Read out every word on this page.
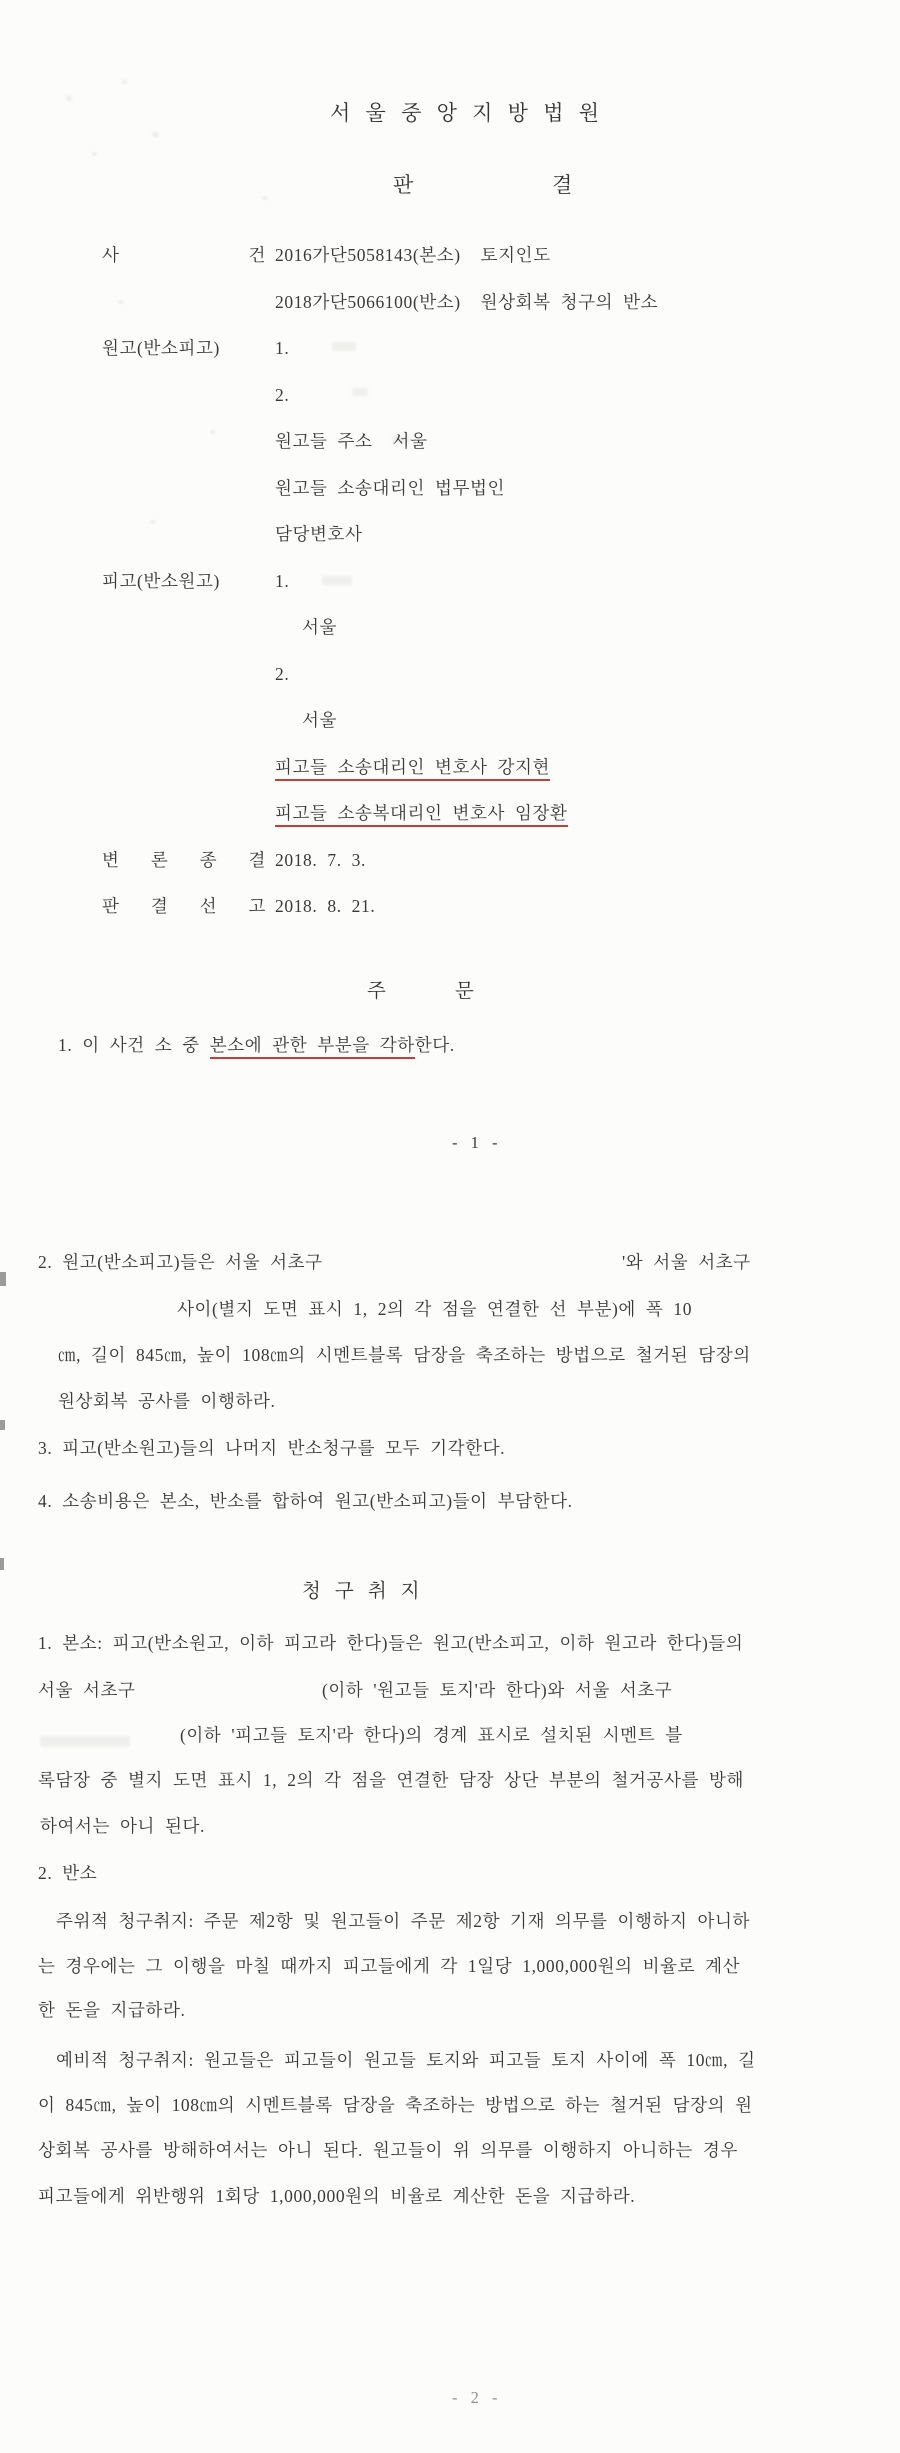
서 울 중 앙 지 방 법 원
판	결
사 건 2016가단5058143(본소)  토지인도
2018가단5066100(반소)  원상회복 청구의 반소
원고(반소피고)	1.
2.
원고들 주소  서울
원고들 소송대리인 법무법인
담당변호사
피고(반소원고)	1.
서울
2.
서울
피고들 소송대리인 변호사 강지현
피고들 소송복대리인 변호사 임장환
변 론 종 결 2018. 7. 3.
판 결 선 고 2018. 8. 21.
주	문
1. 이 사건 소 중 본소에 관한 부분을 각하한다.
- 1 -
2. 원고(반소피고)들은 서울 서초구	'와 서울 서초구
사이(별지 도면 표시 1, 2의 각 점을 연결한 선 부분)에 폭 10
㎝, 길이 845㎝, 높이 108㎝의 시멘트블록 담장을 축조하는 방법으로 철거된 담장의
원상회복 공사를 이행하라.
3. 피고(반소원고)들의 나머지 반소청구를 모두 기각한다.
4. 소송비용은 본소, 반소를 합하여 원고(반소피고)들이 부담한다.
청 구 취 지
1. 본소: 피고(반소원고, 이하 피고라 한다)들은 원고(반소피고, 이하 원고라 한다)들의
서울 서초구	(이하 '원고들 토지'라 한다)와 서울 서초구
(이하 '피고들 토지'라 한다)의 경계 표시로 설치된 시멘트 블
록담장 중 별지 도면 표시 1, 2의 각 점을 연결한 담장 상단 부분의 철거공사를 방해
하여서는 아니 된다.
2. 반소
주위적 청구취지: 주문 제2항 및 원고들이 주문 제2항 기재 의무를 이행하지 아니하
는 경우에는 그 이행을 마칠 때까지 피고들에게 각 1일당 1,000,000원의 비율로 계산
한 돈을 지급하라.
예비적 청구취지: 원고들은 피고들이 원고들 토지와 피고들 토지 사이에 폭 10㎝, 길
이 845㎝, 높이 108㎝의 시멘트블록 담장을 축조하는 방법으로 하는 철거된 담장의 원
상회복 공사를 방해하여서는 아니 된다. 원고들이 위 의무를 이행하지 아니하는 경우
피고들에게 위반행위 1회당 1,000,000원의 비율로 계산한 돈을 지급하라.
- 2 -
